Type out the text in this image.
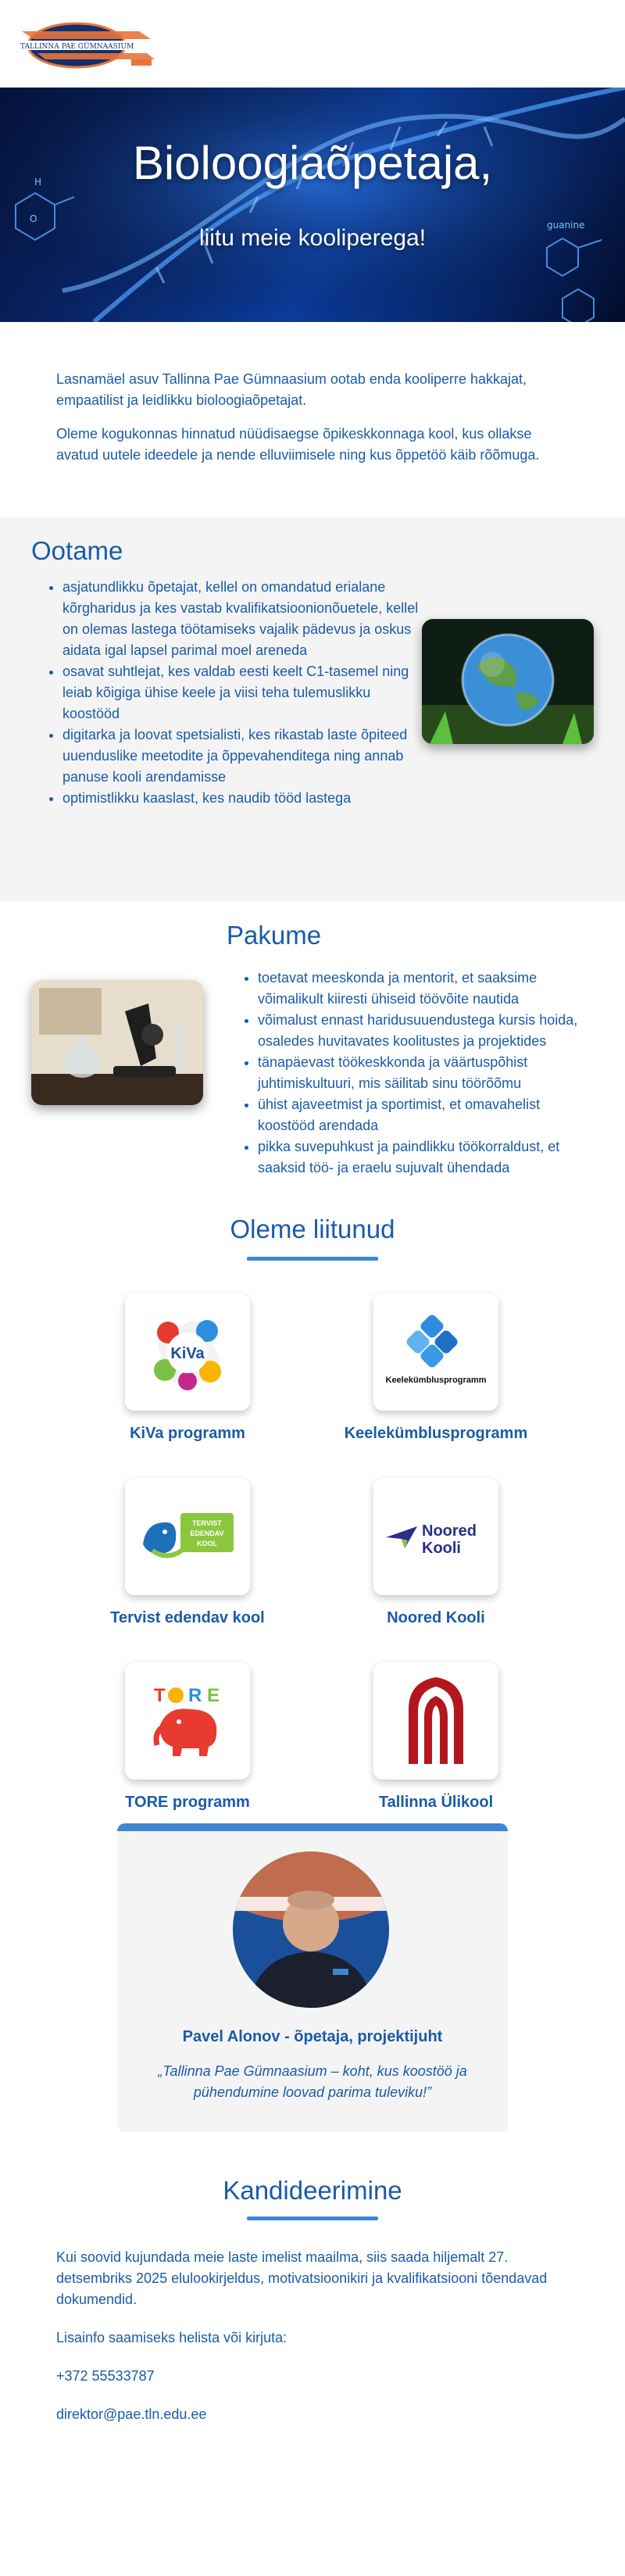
TALLINNA PAE GÜMNAASIUM
O
H
guanine
Bioloogiaõpetaja,
liitu meie kooliperega!

Lasnamäel asuv Tallinna Pae Gümnaasium ootab enda kooliperre hakkajat, empaatilist ja leidlikku bioloogiaõpetajat.

Oleme kogukonnas hinnatud nüüdisaegse õpikeskkonnaga kool, kus ollakse avatud uutele ideedele ja nende elluviimisele ning kus õppetöö käib rõõmuga.

Ootame
• asjatundlikku õpetajat, kellel on omandatud erialane kõrgharidus ja kes vastab kvalifikatsioonionõuetele, kellel on olemas lastega töötamiseks vajalik pädevus ja oskus aidata igal lapsel parimal moel areneda
• osavat suhtlejat, kes valdab eesti keelt C1-tasemel ning leiab kõigiga ühise keele ja viisi teha tulemuslikku koostööd
• digitarka ja loovat spetsialisti, kes rikastab laste õpiteed uuenduslike meetodite ja õppevahenditega ning annab panuse kooli arendamisse
• optimistlikku kaaslast, kes naudib tööd lastega
Pakume
• toetavat meeskonda ja mentorit, et saaksime võimalikult kiiresti ühiseid töövõite nautida
• võimalust ennast haridusuuendustega kursis hoida, osaledes huvitavates koolitustes ja projektides
• tänapäevast töökeskkonda ja väärtuspõhist juhtimiskultuuri, mis säilitab sinu töörõõmu
• ühist ajaveetmist ja sportimist, et omavahelist koostööd arendada
• pikka suvepuhkust ja paindlikku töökorraldust, et saaksid töö- ja eraelu sujuvalt ühendada
Oleme liitunud
KiVa
KiVa programm
Keelekümblusprogramm
Keelekümblusprogramm
TERVIST
EDENDAV
KOOL
Tervist edendav kool
Noored
Kooli
Noored Kooli
T R E
TORE programm	Tallinna Ülikool
Pavel Alonov - õpetaja, projektijuht
„Tallinna Pae Gümnaasium – koht, kus koostöö ja pühendumine loovad parima tuleviku!”
Kandideerimine

Kui soovid kujundada meie laste imelist maailma, siis saada hiljemalt 27. detsembriks 2025 elulookirjeldus, motivatsioonikiri ja kvalifikatsiooni tõendavad dokumendid.

Lisainfo saamiseks helista või kirjuta:

+372 55533787

direktor@pae.tln.edu.ee
